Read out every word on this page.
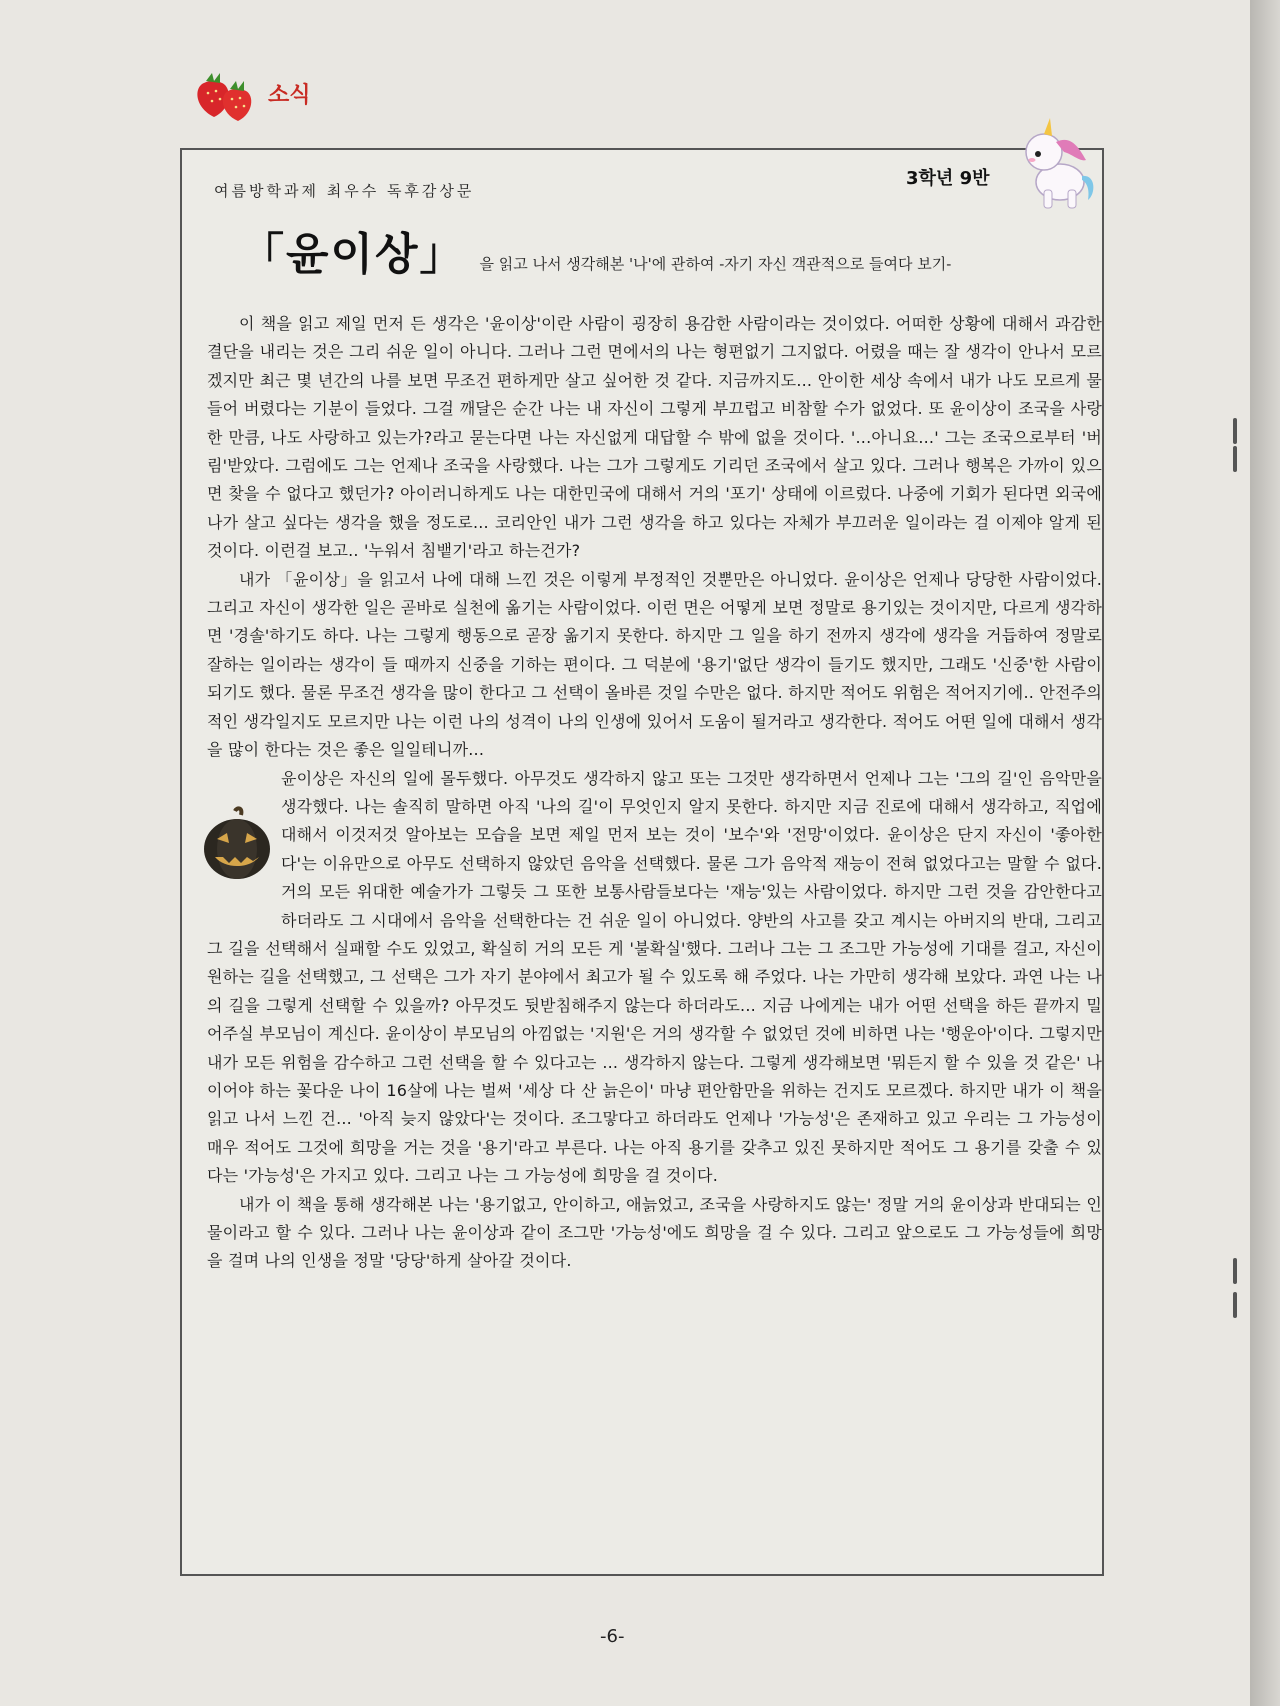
소식
3학년 9반
여름방학과제 최우수 독후감상문
「윤이상」 을 읽고 나서 생각해본 '나'에 관하여 -자기 자신 객관적으로 들여다 보기-

이 책을 읽고 제일 먼저 든 생각은 '윤이상'이란 사람이 굉장히 용감한 사람이라는 것이었다. 어떠한 상황에 대해서 과감한 결단을 내리는 것은 그리 쉬운 일이 아니다. 그러나 그런 면에서의 나는 형편없기 그지없다. 어렸을 때는 잘 생각이 안나서 모르겠지만 최근 몇 년간의 나를 보면 무조건 편하게만 살고 싶어한 것 같다. 지금까지도... 안이한 세상 속에서 내가 나도 모르게 물들어 버렸다는 기분이 들었다. 그걸 깨달은 순간 나는 내 자신이 그렇게 부끄럽고 비참할 수가 없었다. 또 윤이상이 조국을 사랑한 만큼, 나도 사랑하고 있는가?라고 묻는다면 나는 자신없게 대답할 수 밖에 없을 것이다. '...아니요...' 그는 조국으로부터 '버림'받았다. 그럼에도 그는 언제나 조국을 사랑했다. 나는 그가 그렇게도 기리던 조국에서 살고 있다. 그러나 행복은 가까이 있으면 찾을 수 없다고 했던가? 아이러니하게도 나는 대한민국에 대해서 거의 '포기' 상태에 이르렀다. 나중에 기회가 된다면 외국에 나가 살고 싶다는 생각을 했을 정도로... 코리안인 내가 그런 생각을 하고 있다는 자체가 부끄러운 일이라는 걸 이제야 알게 된 것이다. 이런걸 보고.. '누워서 침뱉기'라고 하는건가?

내가 「윤이상」을 읽고서 나에 대해 느낀 것은 이렇게 부정적인 것뿐만은 아니었다. 윤이상은 언제나 당당한 사람이었다. 그리고 자신이 생각한 일은 곧바로 실천에 옮기는 사람이었다. 이런 면은 어떻게 보면 정말로 용기있는 것이지만, 다르게 생각하면 '경솔'하기도 하다. 나는 그렇게 행동으로 곧장 옮기지 못한다. 하지만 그 일을 하기 전까지 생각에 생각을 거듭하여 정말로 잘하는 일이라는 생각이 들 때까지 신중을 기하는 편이다. 그 덕분에 '용기'없단 생각이 들기도 했지만, 그래도 '신중'한 사람이 되기도 했다. 물론 무조건 생각을 많이 한다고 그 선택이 올바른 것일 수만은 없다. 하지만 적어도 위험은 적어지기에.. 안전주의적인 생각일지도 모르지만 나는 이런 나의 성격이 나의 인생에 있어서 도움이 될거라고 생각한다. 적어도 어떤 일에 대해서 생각을 많이 한다는 것은 좋은 일일테니까...

윤이상은 자신의 일에 몰두했다. 아무것도 생각하지 않고 또는 그것만 생각하면서 언제나 그는 '그의 길'인 음악만을 생각했다. 나는 솔직히 말하면 아직 '나의 길'이 무엇인지 알지 못한다. 하지만 지금 진로에 대해서 생각하고, 직업에 대해서 이것저것 알아보는 모습을 보면 제일 먼저 보는 것이 '보수'와 '전망'이었다. 윤이상은 단지 자신이 '좋아한다'는 이유만으로 아무도 선택하지 않았던 음악을 선택했다. 물론 그가 음악적 재능이 전혀 없었다고는 말할 수 없다. 거의 모든 위대한 예술가가 그렇듯 그 또한 보통사람들보다는 '재능'있는 사람이었다. 하지만 그런 것을 감안한다고 하더라도 그 시대에서 음악을 선택한다는 건 쉬운 일이 아니었다. 양반의 사고를 갖고 계시는 아버지의 반대, 그리고 그 길을 선택해서 실패할 수도 있었고, 확실히 거의 모든 게 '불확실'했다. 그러나 그는 그 조그만 가능성에 기대를 걸고, 자신이 원하는 길을 선택했고, 그 선택은 그가 자기 분야에서 최고가 될 수 있도록 해 주었다. 나는 가만히 생각해 보았다. 과연 나는 나의 길을 그렇게 선택할 수 있을까? 아무것도 뒷받침해주지 않는다 하더라도... 지금 나에게는 내가 어떤 선택을 하든 끝까지 밀어주실 부모님이 계신다. 윤이상이 부모님의 아낌없는 '지원'은 거의 생각할 수 없었던 것에 비하면 나는 '행운아'이다. 그렇지만 내가 모든 위험을 감수하고 그런 선택을 할 수 있다고는 ... 생각하지 않는다. 그렇게 생각해보면 '뭐든지 할 수 있을 것 같은' 나이어야 하는 꽃다운 나이 16살에 나는 벌써 '세상 다 산 늙은이' 마냥 편안함만을 위하는 건지도 모르겠다. 하지만 내가 이 책을 읽고 나서 느낀 건... '아직 늦지 않았다'는 것이다. 조그맣다고 하더라도 언제나 '가능성'은 존재하고 있고 우리는 그 가능성이 매우 적어도 그것에 희망을 거는 것을 '용기'라고 부른다. 나는 아직 용기를 갖추고 있진 못하지만 적어도 그 용기를 갖출 수 있다는 '가능성'은 가지고 있다. 그리고 나는 그 가능성에 희망을 걸 것이다.

내가 이 책을 통해 생각해본 나는 '용기없고, 안이하고, 애늙었고, 조국을 사랑하지도 않는' 정말 거의 윤이상과 반대되는 인물이라고 할 수 있다. 그러나 나는 윤이상과 같이 조그만 '가능성'에도 희망을 걸 수 있다. 그리고 앞으로도 그 가능성들에 희망을 걸며 나의 인생을 정말 '당당'하게 살아갈 것이다.

-6-
